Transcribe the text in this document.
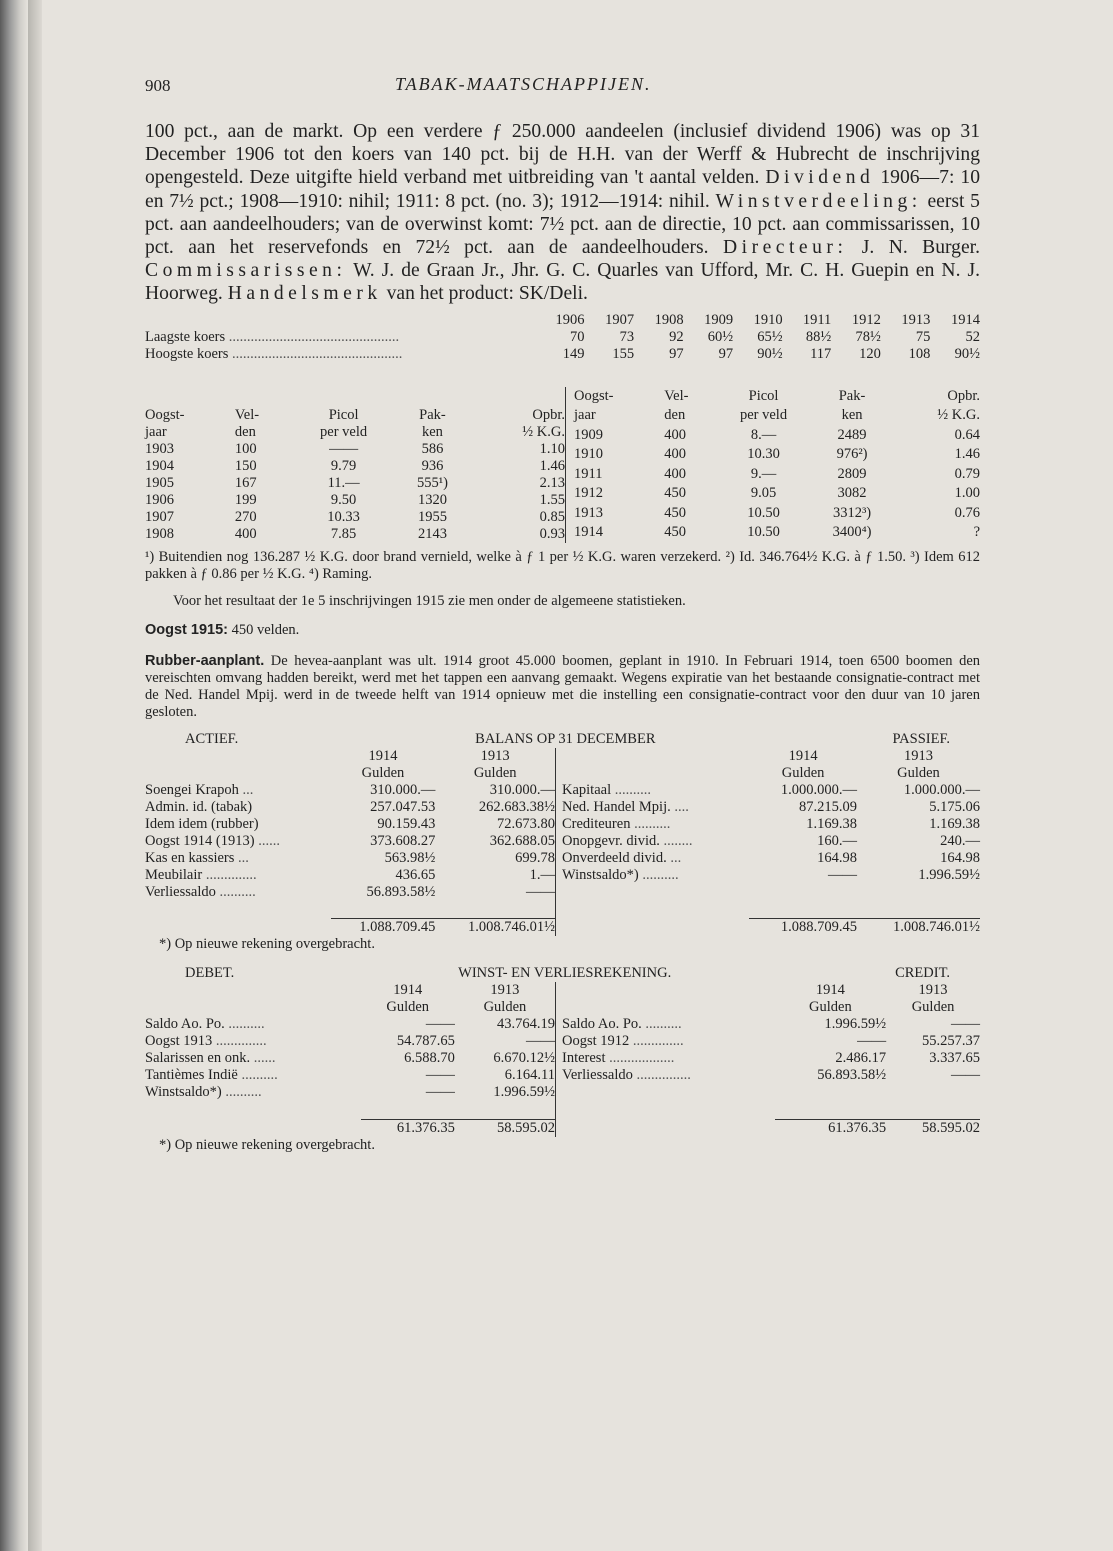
908	TABAK-MAATSCHAPPIJEN.
100 pct., aan de markt. Op een verdere ƒ 250.000 aandeelen (inclusief dividend 1906) was op 31 December 1906 tot den koers van 140 pct. bij de H.H. van der Werff & Hubrecht de inschrijving opengesteld. Deze uitgifte hield verband met uitbreiding van 't aantal velden. Dividend 1906—7: 10 en 7½ pct.; 1908—1910: nihil; 1911: 8 pct. (no. 3); 1912—1914: nihil. Winstverdeeling: eerst 5 pct. aan aandeelhouders; van de overwinst komt: 7½ pct. aan de directie, 10 pct. aan commissarissen, 10 pct. aan het reservefonds en 72½ pct. aan de aandeelhouders. Directeur: J. N. Burger. Commissarissen: W. J. de Graan Jr., Jhr. G. C. Quarles van Ufford, Mr. C. H. Guepin en N. J. Hoorweg. Handelsmerk van het product: SK/Deli.
	1906	1907	1908	1909	1910	1911	1912	1913	1914
Laagste koers ...............................................	70	73	92	60½	65½	88½	78½	75	52
Hoogste koers ...............................................	149	155	97	97	90½	117	120	108	90½
Oogst-	Vel-	Picol	Pak-	Opbr.
jaar	den	per veld	ken	½ K.G.
1903	100	——	586	1.10
1904	150	9.79	936	1.46
1905	167	11.—	555¹)	2.13
1906	199	9.50	1320	1.55
1907	270	10.33	1955	0.85
1908	400	7.85	2143	0.93
Oogst-	Vel-	Picol	Pak-	Opbr.
jaar	den	per veld	ken	½ K.G.
1909	400	8.—	2489	0.64
1910	400	10.30	976²)	1.46
1911	400	9.—	2809	0.79
1912	450	9.05	3082	1.00
1913	450	10.50	3312³)	0.76
1914	450	10.50	3400⁴)	?
¹) Buitendien nog 136.287 ½ K.G. door brand vernield, welke à ƒ 1 per ½ K.G. waren verzekerd. ²) Id. 346.764½ K.G. à ƒ 1.50. ³) Idem 612 pakken à ƒ 0.86 per ½ K.G. ⁴) Raming.
Voor het resultaat der 1e 5 inschrijvingen 1915 zie men onder de algemeene statistieken.
Oogst 1915: 450 velden.
Rubber-aanplant. De hevea-aanplant was ult. 1914 groot 45.000 boomen, geplant in 1910. In Februari 1914, toen 6500 boomen den vereischten omvang hadden bereikt, werd met het tappen een aanvang gemaakt. Wegens expiratie van het bestaande consignatie-contract met de Ned. Handel Mpij. werd in de tweede helft van 1914 opnieuw met die instelling een consignatie-contract voor den duur van 10 jaren gesloten.
ACTIEF.	BALANS OP 31 DECEMBER	PASSIEF.
	1914	1913
	Gulden	Gulden
Soengei Krapoh ...	310.000.—	310.000.—
Admin. id. (tabak)	257.047.53	262.683.38½
Idem idem (rubber)	90.159.43	72.673.80
Oogst 1914 (1913) ......	373.608.27	362.688.05
Kas en kassiers ...	563.98½	699.78
Meubilair ..............	436.65	1.—
Verliessaldo ..........	56.893.58½	——

	1.088.709.45	1.008.746.01½
	1914	1913
	Gulden	Gulden
Kapitaal ..........	1.000.000.—	1.000.000.—
Ned. Handel Mpij. ....	87.215.09	5.175.06
Crediteuren ..........	1.169.38	1.169.38
Onopgevr. divid. ........	160.—	240.—
Onverdeeld divid. ...	164.98	164.98
Winstsaldo*) ..........	——	1.996.59½

	1.088.709.45	1.008.746.01½
*) Op nieuwe rekening overgebracht.
DEBET.	WINST- EN VERLIESREKENING.	CREDIT.
	1914	1913
	Gulden	Gulden
Saldo Ao. Po. ..........	——	43.764.19
Oogst 1913 ..............	54.787.65	——
Salarissen en onk. ......	6.588.70	6.670.12½
Tantièmes Indië ..........	——	6.164.11
Winstsaldo*) ..........	——	1.996.59½

	61.376.35	58.595.02
	1914	1913
	Gulden	Gulden
Saldo Ao. Po. ..........	1.996.59½	——
Oogst 1912 ..............	——	55.257.37
Interest ..................	2.486.17	3.337.65
Verliessaldo ...............	56.893.58½	——

	61.376.35	58.595.02
*) Op nieuwe rekening overgebracht.
